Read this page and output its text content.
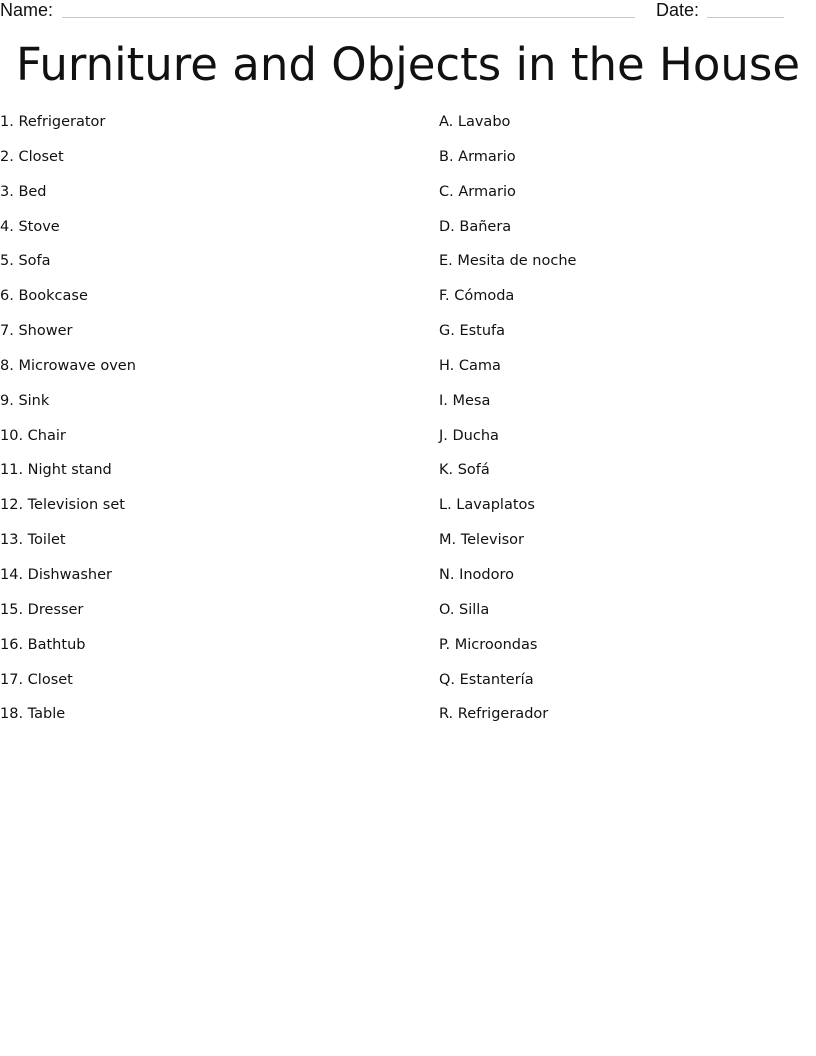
Name:	Date:
Furniture and Objects in the House
1. Refrigerator
2. Closet
3. Bed
4. Stove
5. Sofa
6. Bookcase
7. Shower
8. Microwave oven
9. Sink
10. Chair
11. Night stand
12. Television set
13. Toilet
14. Dishwasher
15. Dresser
16. Bathtub
17. Closet
18. Table
A. Lavabo
B. Armario
C. Armario
D. Bañera
E. Mesita de noche
F. Cómoda
G. Estufa
H. Cama
I. Mesa
J. Ducha
K. Sofá
L. Lavaplatos
M. Televisor
N. Inodoro
O. Silla
P. Microondas
Q. Estantería
R. Refrigerador
